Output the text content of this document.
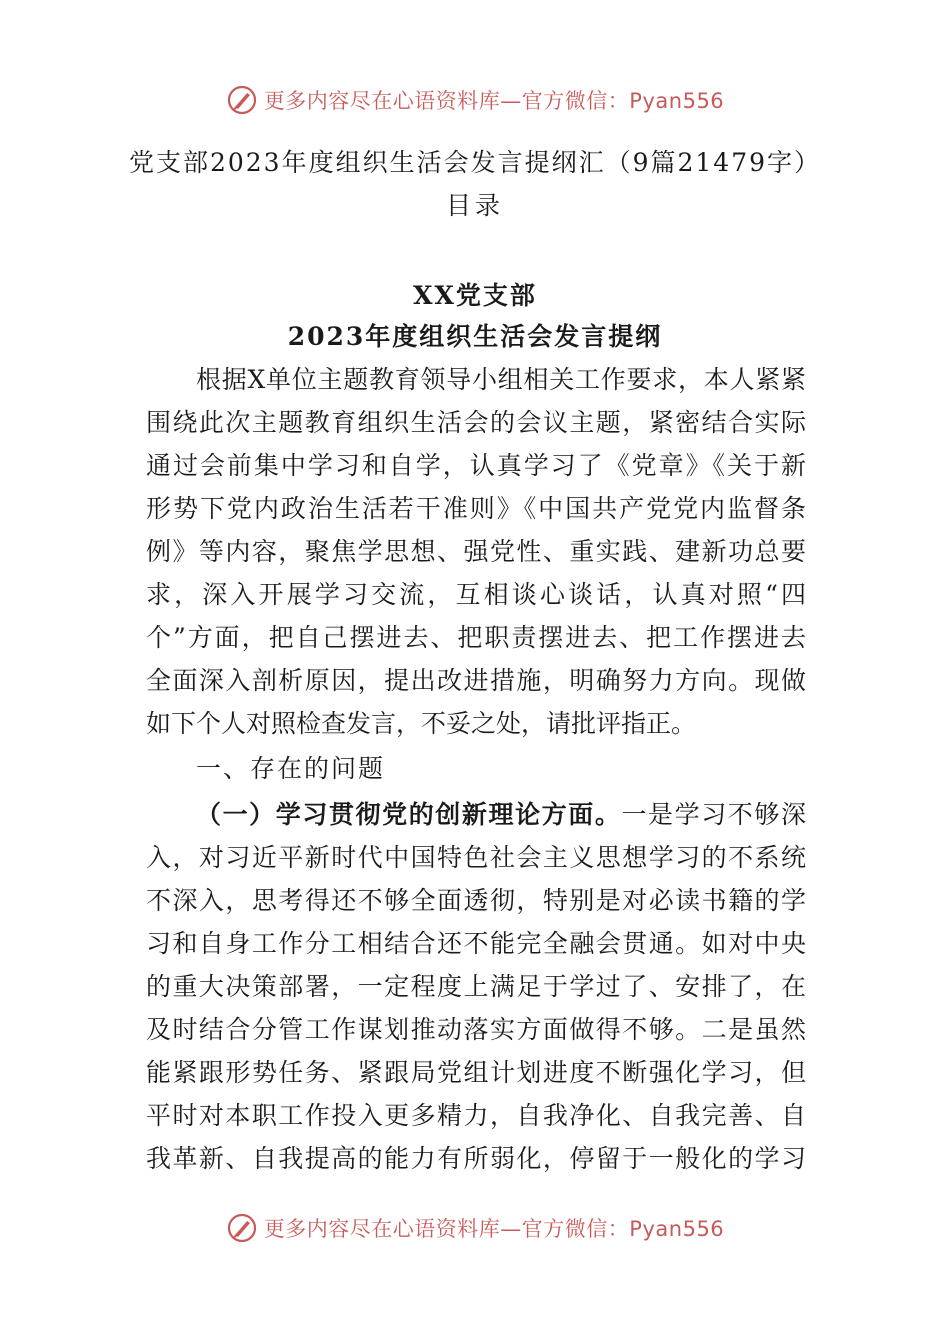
更多内容尽在心语资料库—官方微信：Pyan556
党支部2023年度组织生活会发言提纲汇（9篇21479字）
目录
XX党支部
2023年度组织生活会发言提纲
根据X单位主题教育领导小组相关工作要求，本人紧紧
围绕此次主题教育组织生活会的会议主题，紧密结合实际
通过会前集中学习和自学，认真学习了《党章》《关于新
形势下党内政治生活若干准则》《中国共产党党内监督条
例》等内容，聚焦学思想、强党性、重实践、建新功总要
求，深入开展学习交流，互相谈心谈话，认真对照“四
个”方面，把自己摆进去、把职责摆进去、把工作摆进去
全面深入剖析原因，提出改进措施，明确努力方向。现做
如下个人对照检查发言，不妥之处，请批评指正。
一、存在的问题
（一）学习贯彻党的创新理论方面。一是学习不够深
入，对习近平新时代中国特色社会主义思想学习的不系统
不深入，思考得还不够全面透彻，特别是对必读书籍的学
习和自身工作分工相结合还不能完全融会贯通。如对中央
的重大决策部署，一定程度上满足于学过了、安排了，在
及时结合分管工作谋划推动落实方面做得不够。二是虽然
能紧跟形势任务、紧跟局党组计划进度不断强化学习，但
平时对本职工作投入更多精力，自我净化、自我完善、自
我革新、自我提高的能力有所弱化，停留于一般化的学习
更多内容尽在心语资料库—官方微信：Pyan556
